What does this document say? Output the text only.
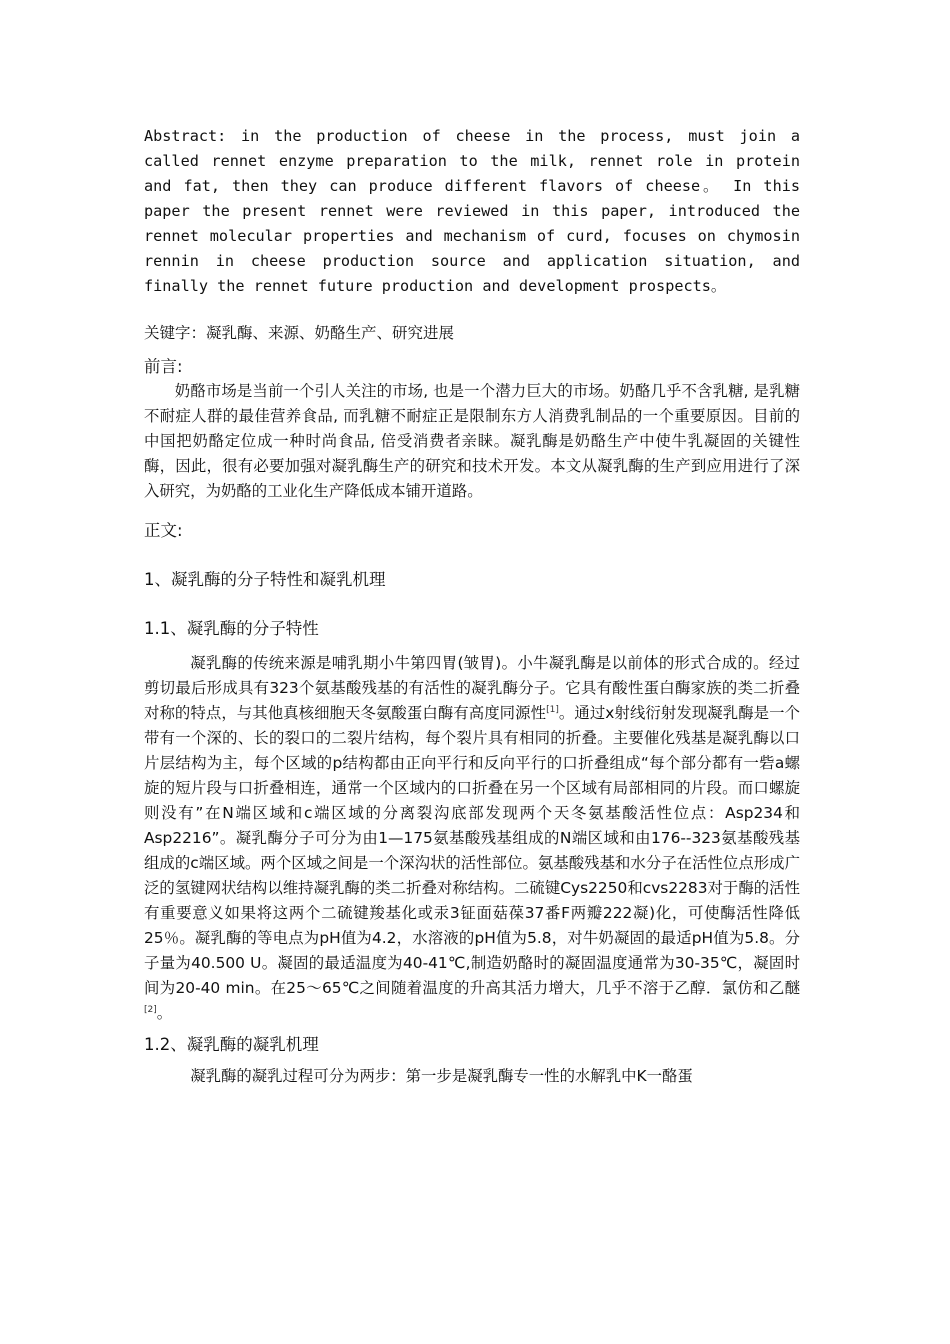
Abstract: in the production of cheese in the process, must join a called rennet enzyme preparation to the milk, rennet role in protein and fat, then they can produce different flavors of cheese。 In this paper the present rennet were reviewed in this paper, introduced the rennet molecular properties and mechanism of curd, focuses on chymosin rennin in cheese production source and application situation, and finally the rennet future production and development prospects。

关键字：凝乳酶、来源、奶酪生产、研究进展
前言:
奶酪市场是当前一个引人关注的市场, 也是一个潜力巨大的市场。奶酪几乎不含乳糖, 是乳糖不耐症人群的最佳营养食品, 而乳糖不耐症正是限制东方人消费乳制品的一个重要原因。目前的中国把奶酪定位成一种时尚食品, 倍受消费者亲睐。凝乳酶是奶酪生产中使牛乳凝固的关键性酶，因此，很有必要加强对凝乳酶生产的研究和技术开发。本文从凝乳酶的生产到应用进行了深入研究，为奶酪的工业化生产降低成本铺开道路。
正文:
1、凝乳酶的分子特性和凝乳机理
1.1、凝乳酶的分子特性
凝乳酶的传统来源是哺乳期小牛第四胃(皱胃)。小牛凝乳酶是以前体的形式合成的。经过剪切最后形成具有323个氨基酸残基的有活性的凝乳酶分子。它具有酸性蛋白酶家族的类二折叠对称的特点，与其他真核细胞天冬氨酸蛋白酶有高度同源性[1]。通过x射线衍射发现凝乳酶是一个带有一个深的、长的裂口的二裂片结构，每个裂片具有相同的折叠。主要催化残基是凝乳酶以口片层结构为主，每个区域的p结构都由正向平行和反向平行的口折叠组成“每个部分都有一砦a螺旋的短片段与口折叠相连，通常一个区域内的口折叠在另一个区域有局部相同的片段。而口螺旋则没有”在N端区域和c端区域的分离裂沟底部发现两个天冬氨基酸活性位点：Asp234和Asp2216”。凝乳酶分子可分为由1—175氨基酸残基组成的N端区域和由176--323氨基酸残基组成的c端区域。两个区域之间是一个深沟状的活性部位。氨基酸残基和水分子在活性位点形成广泛的氢键网状结构以维持凝乳酶的类二折叠对称结构。二硫键Cys2250和cvs2283对于酶的活性有重要意义如果将这两个二硫键羧基化或汞3钲面菇葆37番F两瓣222凝)化，可使酶活性降低25％。凝乳酶的等电点为pH值为4.2，水溶液的pH值为5.8，对牛奶凝固的最适pH值为5.8。分子量为40.500 U。凝固的最适温度为40-41℃,制造奶酪时的凝固温度通常为30-35℃，凝固时间为20-40 min。在25～65℃之间随着温度的升高其活力增大，几乎不溶于乙醇．氯仿和乙醚[2]。
1.2、凝乳酶的凝乳机理
凝乳酶的凝乳过程可分为两步：第一步是凝乳酶专一性的水解乳中K一酪蛋
